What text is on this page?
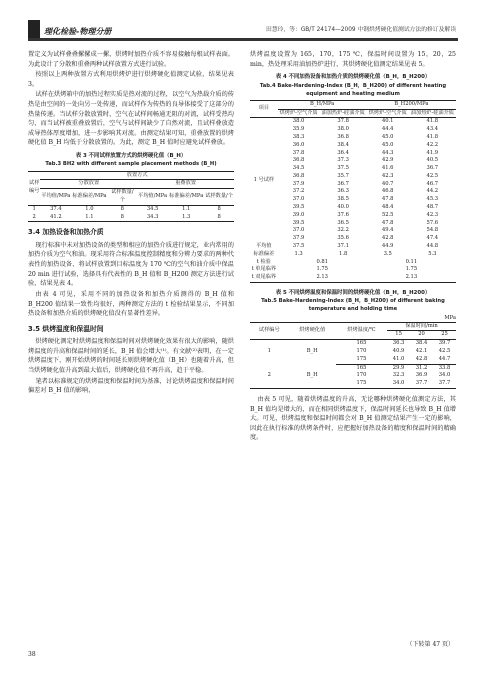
理化检验-物理分册	田慧玲，等：GB/T 24174—2009 中钢烘烤硬化值测试方法的修订及解读

置定义为试样叠叠摞摞成一摞，烘烤时加热介质不容易接触每根试样表面。为此设计了分散和重叠两种试样放置方式进行试验。

按照以上两种放置方式利用烘烤炉进行烘烤硬化值测定试验，结果见表 3。

试样在烘烤箱中的加热过程实质是热对流的过程，以空气为热载介质的传热是由空间的一处向另一处传递，而试样作为传热的良导体接受了这部分的热量传递。当试样分散放置时，空气在试样间畅通无阻的对流，试样受热均匀，而当试样被重叠放置后，空气与试样间缺少了自然对流，且试样叠放造成导热体厚度增加，进一步影响其对流。由测定结果可知，重叠放置的烘烤硬化值 B_H 均低于分散放置的。为此，测定 B_H 值时应避免试样叠放。

表 3 不同试样放置方式的烘烤硬化值（B_H）
Tab.3 BH2 with different sample placement methods (B_H)
试样
编号	放置方式					
	分散放置			重叠放置		
	平均值/MPa	标准偏差/MPa	试样数量/个	平均值/MPa	标准偏差/MPa	试样数量/个
1	37.4	1.0	8	34.5	1.1	8
2	41.2	1.1	8	34.3	1.3	8
3.4 加热设备和加热介质

现行标准中未对加热设备的类型和相应的加热介质进行规定，业内常用的加热介质为空气和油。现采用符合标准温度控制精度和分辨力要求的两种代表性的加热设备，将试样放置到目标温度为 170 ℃的空气和油介质中保温 20 min 进行试验，选择具有代表性的 B_H 值和 B_H200 测定方法进行试验，结果见表 4。

由表 4 可见，采用不同的加热设备和加热介质测得的 B_H 值和 B_H200 值结果一致性均很好，两种测定方法的 t 检验结果显示，不同加热设备和加热介质的烘烤硬化值没有显著性差异。

3.5 烘烤温度和保温时间

烘烤硬化测定时烘烤温度和保温时间对烘烤硬化效果有很大的影响，随烘烤温度的升高和保温时间的延长，B_H 值会增大⁽¹⁾。有文献⁽²⁾表明，在一定烘烤温度下，刚开始烘烤的时间延长则烘烤硬化值（B_H）也随着升高，但当烘烤硬化值升高到最大值后，烘烤硬化值不再升高，趋于平稳。

笔者以标准规定的烘烤温度和保温时间为基准，讨论烘烤温度和保温时间偏差对 B_H 值的影响，

烘烤温度设置为 165，170，175 ℃，保温时间设置为 15，20，25 min，热处理采用油加热炉进行，其烘烤硬化值测定结果见表 5。

表 4 不同加热设备和加热介质的烘烤硬化值（B_H，B_H200）
Tab.4 Bake-Hardening-Index (B_H，B_H200) of different heating
equipment and heating medium
项目	B_H/MPa		B_H200/MPa	
	烘烤炉-空气介质	油加热炉-硅油介质	烘烤炉-空气介质	油加热炉-硅油介质
1 号试样	38.0	37.8	40.1	41.8
	35.9	38.0	44.4	43.4
	38.3	36.8	45.0	41.8
	36.0	38.4	45.0	42.2
	37.8	36.4	44.3	41.9
	36.8	37.3	42.9	40.5
	34.5	37.5	41.6	36.7
	36.8	35.7	42.3	42.5
	37.9	36.7	40.7	46.7
	37.2	36.3	46.8	44.2
	37.0	38.5	47.8	45.3
	39.5	40.0	48.4	48.7
	39.0	37.6	52.5	42.3
	39.5	36.5	47.8	57.6
	37.0	32.2	49.4	54.8
	37.9	35.6	42.8	47.4
平均值	37.5	37.1	44.9	44.8
标准偏差	1.3	1.8	3.5	5.3
t 检验	0.81		0.11	
t 单尾临界	1.75		1.75	
t 双尾临界	2.13		2.13	
表 5 不同烘烤温度和保温时间的烘烤硬化值（B_H，B_H200）
Tab.5 Bake-Hardening-Index (B_H，B_H200) of different baking
temperature and holding time
MPa
试样编号	烘烤硬化值	烘烤温度/℃	保温时间/min		
			15	20	25
1	B_H	165	36.3	38.4	39.7
		170	40.9	42.1	42.5
		175	41.0	42.8	44.7
2	B_H	165	29.9	31.2	33.8
		170	32.3	36.9	34.0
		175	34.0	37.7	37.7

由表 5 可见，随着烘烤温度的升高，无论哪种烘烤硬化值测定方法，其 B_H 值均是增大的，而在相同烘烤温度下，保温时间延长也导致 B_H 值增大。可见，烘烤温度和保温时间都会对 B_H 值测定结果产生一定的影响，因此在执行标准的烘烤条件时，应把握好加热设备的精度和保温时间的精确度。

（下转第 47 页）
38
